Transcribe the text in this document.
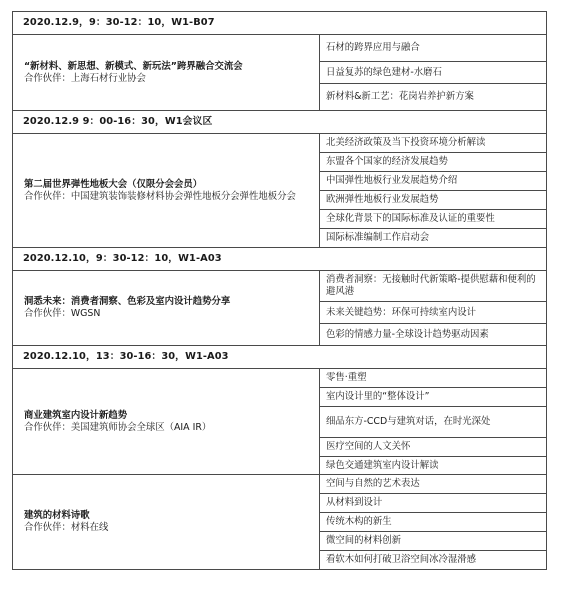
2020.12.9，9：30-12：10，W1-B07	

“新材料、新思想、新模式、新玩法”跨界融合交流会
合作伙伴：上海石材行业协会	石材的跨界应用与融合
	日益复苏的绿色建材-水磨石
	新材料&新工艺：花岗岩养护新方案
2020.12.9 9：00-16：30，W1会议区	

第二届世界弹性地板大会（仅限分会会员）
合作伙伴：中国建筑装饰装修材料协会弹性地板分会弹性地板分会	北美经济政策及当下投资环境分析解读
	东盟各个国家的经济发展趋势
	中国弹性地板行业发展趋势介绍
	欧洲弹性地板行业发展趋势
	全球化背景下的国际标准及认证的重要性
	国际标准编制工作启动会
2020.12.10，9：30-12：10，W1-A03	

洞悉未来：消费者洞察、色彩及室内设计趋势分享
合作伙伴：WGSN	消费者洞察：无接触时代新策略-提供慰藉和便利的避风港
	未来关键趋势：环保可持续室内设计
	色彩的情感力量-全球设计趋势驱动因素
2020.12.10，13：30-16：30，W1-A03	

商业建筑室内设计新趋势
合作伙伴：美国建筑师协会全球区（AIA IR）	零售·重塑
	室内设计里的“整体设计”
	细品东方-CCD与建筑对话，在时光深处
	医疗空间的人文关怀
	绿色交通建筑室内设计解读

建筑的材料诗歌
合作伙伴：材料在线	空间与自然的艺术表达
	从材料到设计
	传统木构的新生
	微空间的材料创新
	看软木如何打破卫浴空间冰冷湿滑感
